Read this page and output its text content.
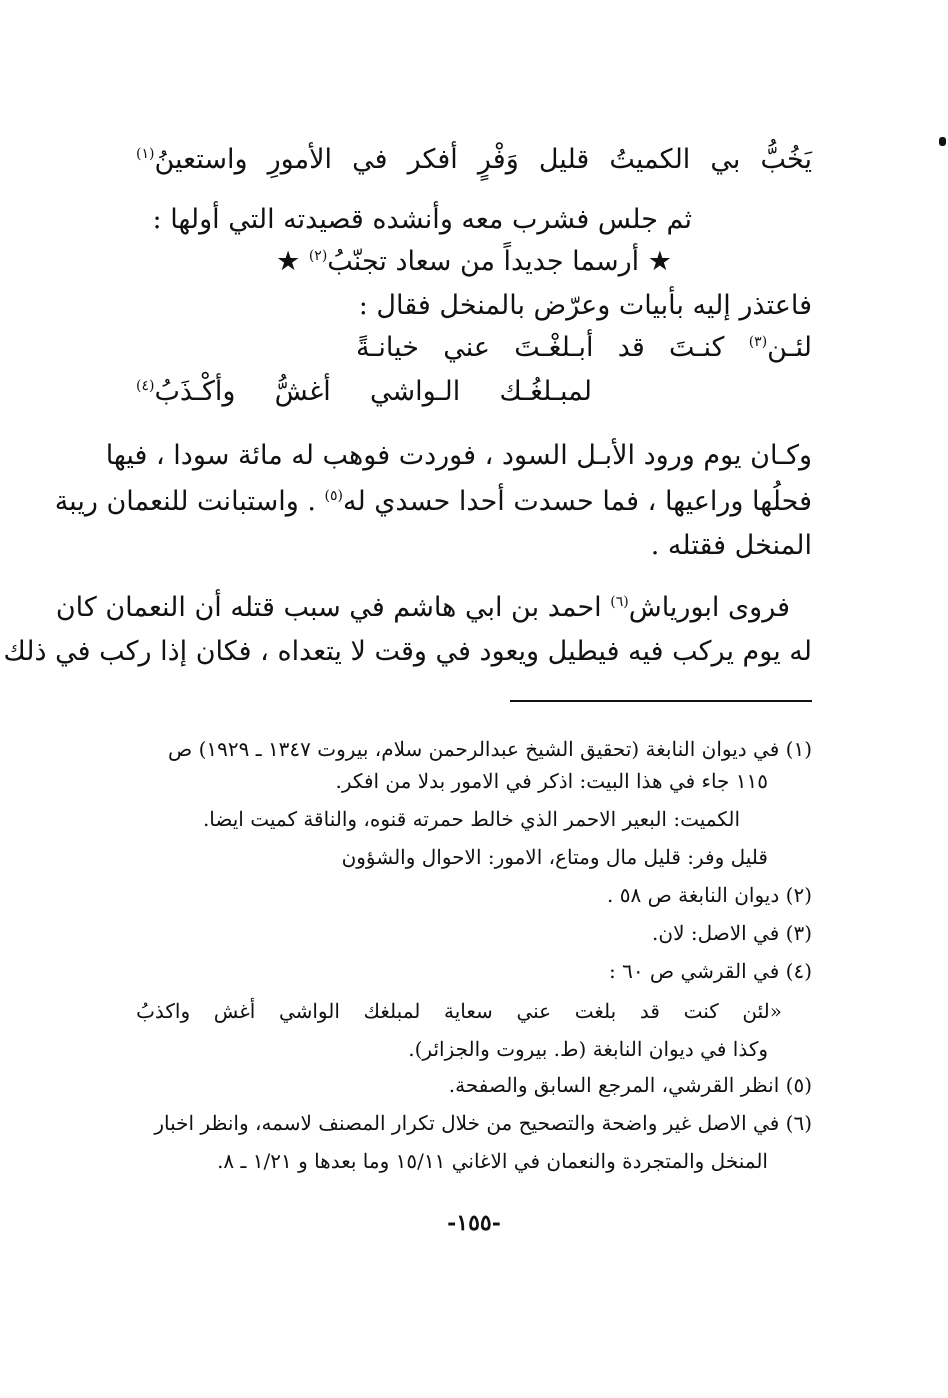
يَخُبُّ
بي
الكميتُ
قليل
وَفْرٍ
أفكر
في
الأمورِ
واستعينُ$^{(١)}$
ثم جلس فشرب معه وأنشده قصيدته التي أولها :
★ أرسما جديداً من سعاد تجنّبُ$^{(٢)}$ ★
فاعتذر إليه بأبيات وعرّض بالمنخل فقال :
لئـن$^{(٣)}$
كنـتَ
قد
أبـلغْـتَ
عني
خيانـةً
لمبـلغُـك
الـواشي
أغشُّ
وأكْـذَبُ$^{(٤)}$
وكـان يوم ورود الأبـل السود ، فوردت فوهب له مائة سودا ، فيها
فحلُها وراعيها ، فما حسدت أحدا حسدي له$^{(٥)}$ . واستبانت للنعمان ريبة
المنخل فقتله .
فروى ابورياش$^{(٦)}$ احمد بن ابي هاشم في سبب قتله أن النعمان كان
له يوم يركب فيه فيطيل ويعود في وقت لا يتعداه ، فكان إذا ركب في ذلك
(١) في ديوان النابغة (تحقيق الشيخ عبدالرحمن سلام، بيروت ١٣٤٧ ـ ١٩٢٩) ص
١١٥ جاء في هذا البيت: اذكر في الامور بدلا من افكر.
الكميت: البعير الاحمر الذي خالط حمرته قنوه، والناقة كميت ايضا.
قليل وفر: قليل مال ومتاع، الامور: الاحوال والشؤون
(٢) ديوان النابغة ص ٥٨ .
(٣) في الاصل: لان.
(٤) في القرشي ص ٦٠ :
«لئن
كنت
قد
بلغت
عني
سعاية
لمبلغك
الواشي
أغش
واكذبُ
وكذا في ديوان النابغة (ط. بيروت والجزائر).
(٥) انظر القرشي، المرجع السابق والصفحة.
(٦) في الاصل غير واضحة والتصحيح من خلال تكرار المصنف لاسمه، وانظر اخبار
المنخل والمتجردة والنعمان في الاغاني ١٥/١١ وما بعدها و ١/٢١ ـ ٨.
-١٥٥-
